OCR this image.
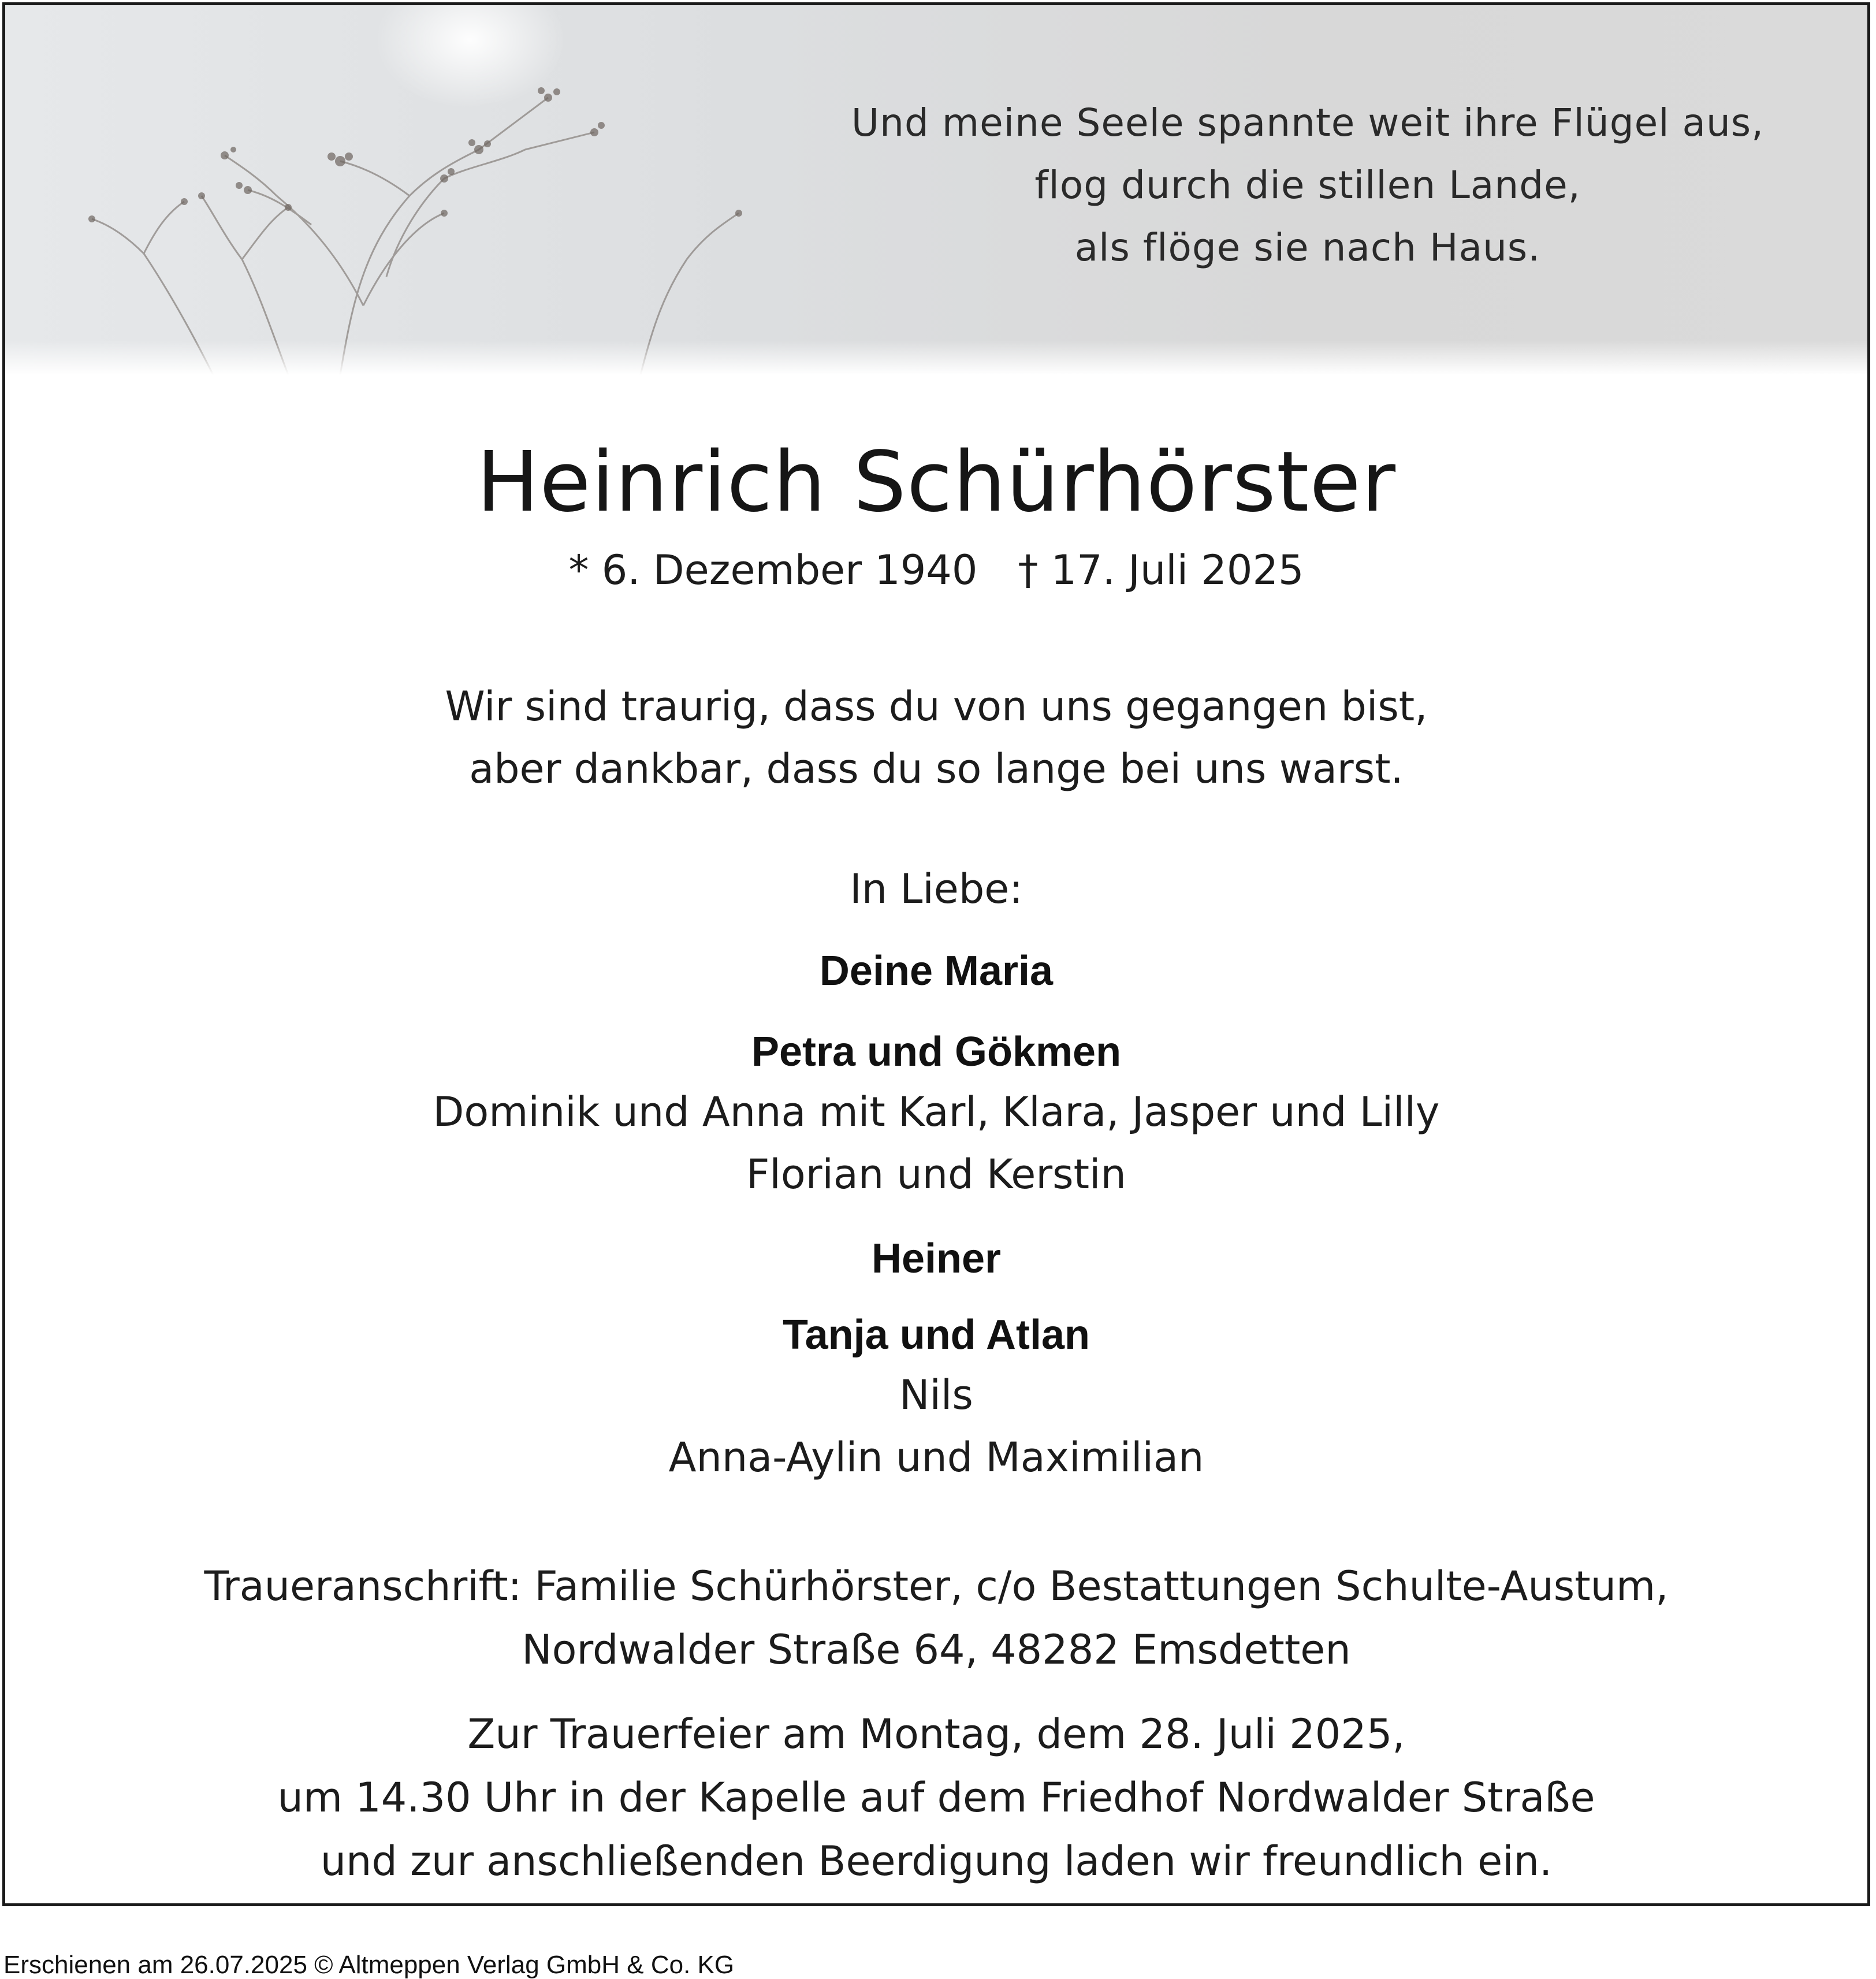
Und meine Seele spannte weit ihre Flügel aus,
flog durch die stillen Lande,
als flöge sie nach Haus.
Heinrich Schürhörster
* 6. Dezember 1940 † 17. Juli 2025
Wir sind traurig, dass du von uns gegangen bist,
aber dankbar, dass du so lange bei uns warst.
In Liebe:
Deine Maria
Petra und Gökmen
Dominik und Anna mit Karl, Klara, Jasper und Lilly
Florian und Kerstin
Heiner
Tanja und Atlan
Nils
Anna-Aylin und Maximilian
Traueranschrift: Familie Schürhörster, c/o Bestattungen Schulte-Austum,
Nordwalder Straße 64, 48282 Emsdetten
Zur Trauerfeier am Montag, dem 28. Juli 2025,
um 14.30 Uhr in der Kapelle auf dem Friedhof Nordwalder Straße
und zur anschließenden Beerdigung laden wir freundlich ein.
Erschienen am 26.07.2025 © Altmeppen Verlag GmbH & Co. KG
